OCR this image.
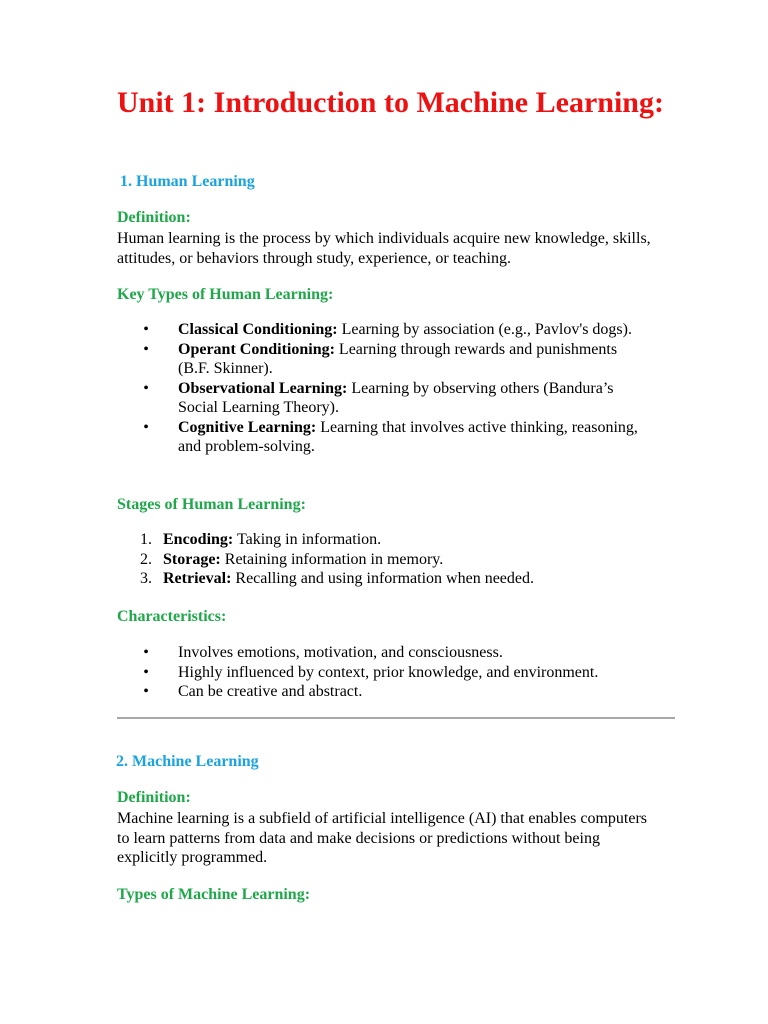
Unit 1: Introduction to Machine Learning:
1. Human Learning
Definition:

Human learning is the process by which individuals acquire new knowledge, skills, attitudes, or behaviors through study, experience, or teaching.

Key Types of Human Learning:
•	Classical Conditioning: Learning by association (e.g., Pavlov's dogs).
•	Operant Conditioning: Learning through rewards and punishments (B.F. Skinner).
•	Observational Learning: Learning by observing others (Bandura’s Social Learning Theory).
•	Cognitive Learning: Learning that involves active thinking, reasoning, and problem-solving.
Stages of Human Learning:
1. Encoding: Taking in information.
2. Storage: Retaining information in memory.
3. Retrieval: Recalling and using information when needed.
Characteristics:
•	Involves emotions, motivation, and consciousness.
•	Highly influenced by context, prior knowledge, and environment.
•	Can be creative and abstract.
2. Machine Learning
Definition:

Machine learning is a subfield of artificial intelligence (AI) that enables computers to learn patterns from data and make decisions or predictions without being explicitly programmed.

Types of Machine Learning:
